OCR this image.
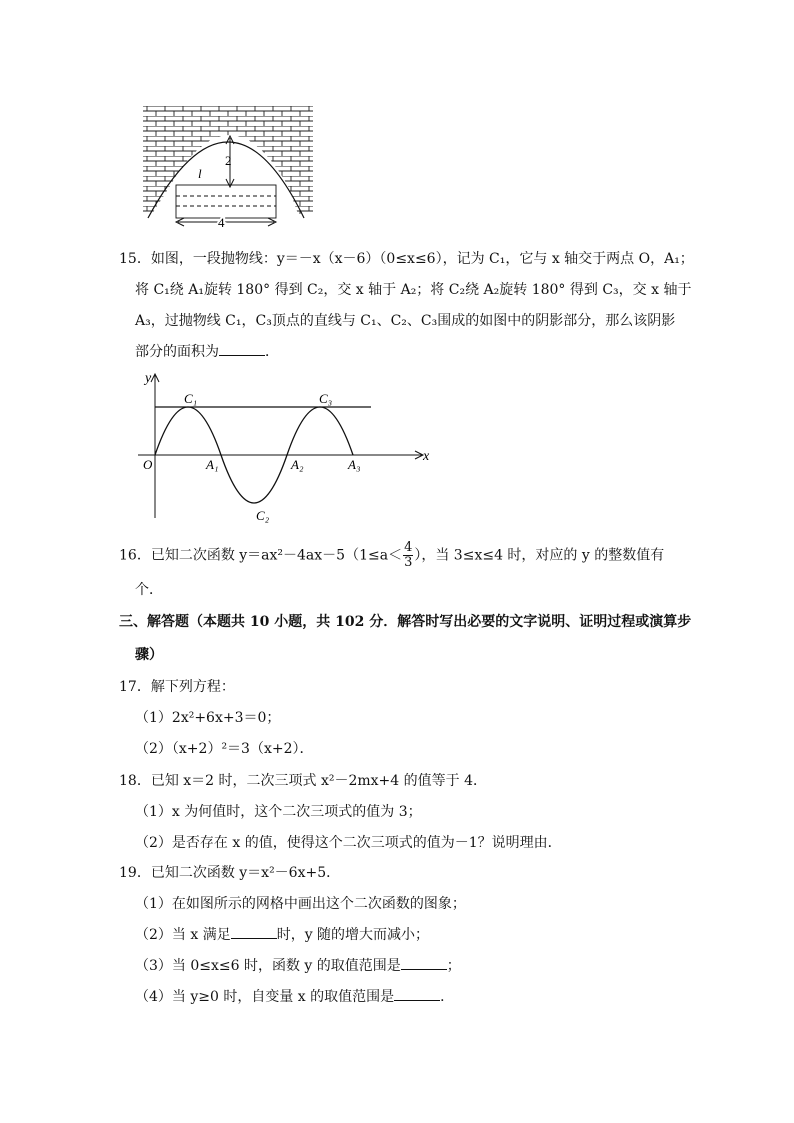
2
l
4
15．如图，一段抛物线：y＝－x（x－6）（0≤x≤6），记为 C₁，它与 x 轴交于两点 O，A₁；
将 C₁绕 A₁旋转 180° 得到 C₂，交 x 轴于 A₂；将 C₂绕 A₂旋转 180° 得到 C₃，交 x 轴于
A₃，过抛物线 C₁，C₃顶点的直线与 C₁、C₂、C₃围成的如图中的阴影部分，那么该阴影
部分的面积为	．
y
x
O
C₁	C₃
C₂
A₁	A₂	A₃
16．已知二次函数 $y=ax^2-4ax-5(1\le a< \frac{4}{3}$ ），当 3≤x≤4 时，对应的 y 的整数值有
个．
三、解答题（本题共 10 小题，共 102 分．解答时写出必要的文字说明、证明过程或演算步
骤）
17．解下列方程：
（1）2x²+6x+3＝0；
（2）（x+2）²＝3（x+2）．
18．已知 x＝2 时，二次三项式 x²－2mx+4 的值等于 4．
（1）x 为何值时，这个二次三项式的值为 3；
（2）是否存在 x 的值，使得这个二次三项式的值为－1？说明理由．
19．已知二次函数 y＝x²－6x+5．
（1）在如图所示的网格中画出这个二次函数的图象；
（2）当 x 满足	时，y 随的增大而减小；
（3）当 0≤x≤6 时，函数 y 的取值范围是	；
（4）当 y≥0 时，自变量 x 的取值范围是	．
